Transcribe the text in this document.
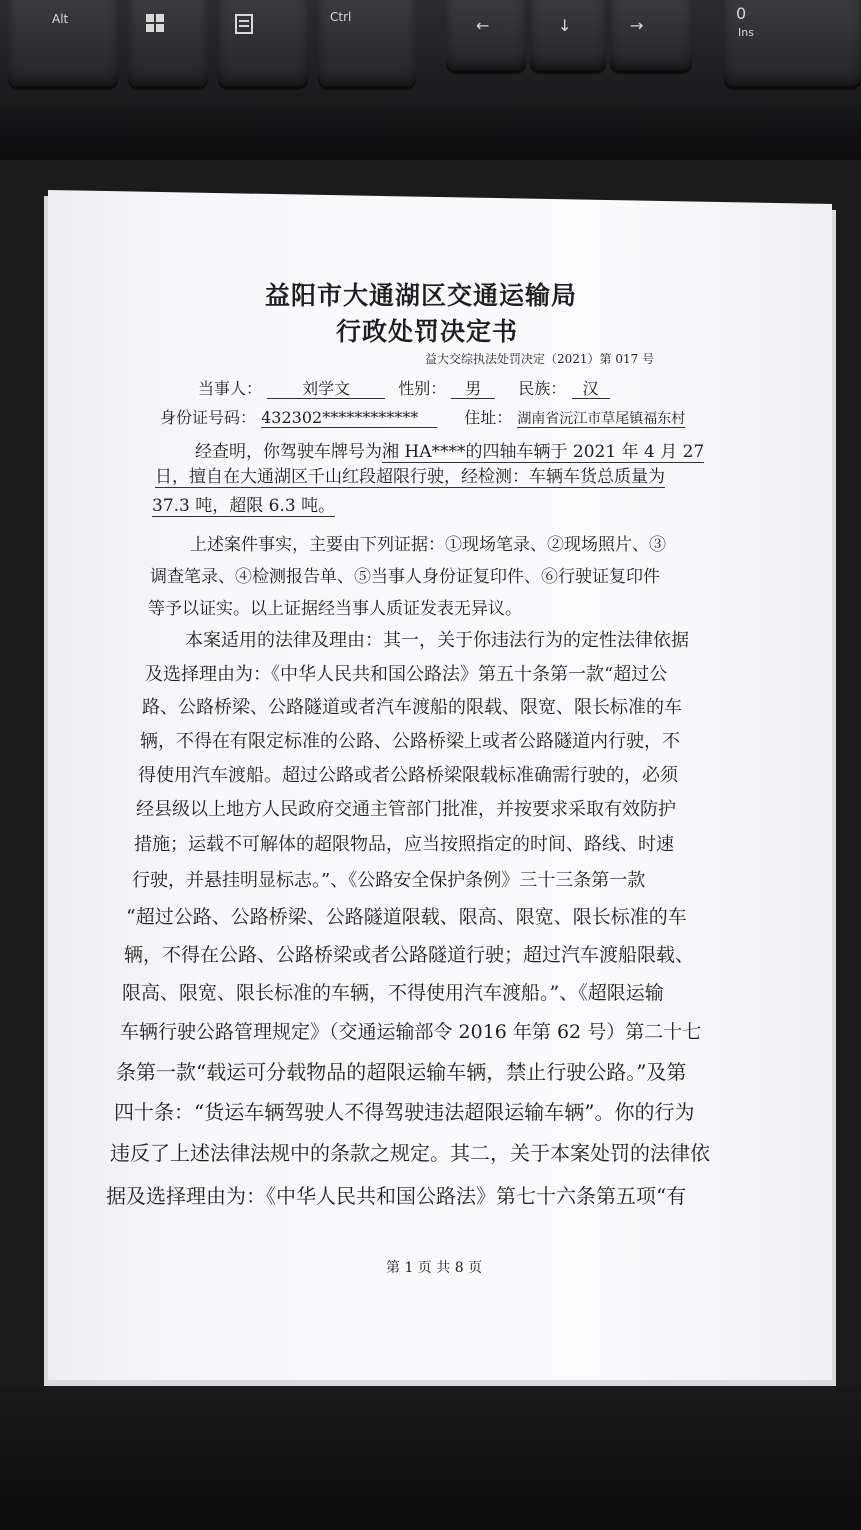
Alt	Ctrl	←	↓	→
0
Ins
益阳市大通湖区交通运输局
行政处罚决定书
益大交综执法处罚决定（2021）第 017 号
当事人：	刘学文	性别： 男 民族： 汉
身份证号码： 432302************	住址： 湖南省沅江市草尾镇福东村
经查明，你驾驶车牌号为湘 HA****的四轴车辆于 2021 年 4 月 27
日，擅自在大通湖区千山红段超限行驶，经检测：车辆车货总质量为
37.3 吨，超限 6.3 吨。
上述案件事实，主要由下列证据：①现场笔录、②现场照片、③
调查笔录、④检测报告单、⑤当事人身份证复印件、⑥行驶证复印件
等予以证实。以上证据经当事人质证发表无异议。
本案适用的法律及理由：其一，关于你违法行为的定性法律依据
及选择理由为：《中华人民共和国公路法》第五十条第一款“超过公
路、公路桥梁、公路隧道或者汽车渡船的限载、限宽、限长标准的车
辆，不得在有限定标准的公路、公路桥梁上或者公路隧道内行驶，不
得使用汽车渡船。超过公路或者公路桥梁限载标准确需行驶的，必须
经县级以上地方人民政府交通主管部门批准，并按要求采取有效防护
措施；运载不可解体的超限物品，应当按照指定的时间、路线、时速
行驶，并悬挂明显标志。”、《公路安全保护条例》三十三条第一款
“超过公路、公路桥梁、公路隧道限载、限高、限宽、限长标准的车
辆，不得在公路、公路桥梁或者公路隧道行驶；超过汽车渡船限载、
限高、限宽、限长标准的车辆，不得使用汽车渡船。”、《超限运输
车辆行驶公路管理规定》（交通运输部令 2016 年第 62 号）第二十七
条第一款“载运可分载物品的超限运输车辆，禁止行驶公路。”及第
四十条：“货运车辆驾驶人不得驾驶违法超限运输车辆”。你的行为
违反了上述法律法规中的条款之规定。其二，关于本案处罚的法律依
据及选择理由为：《中华人民共和国公路法》第七十六条第五项“有
第 1 页 共 8 页
